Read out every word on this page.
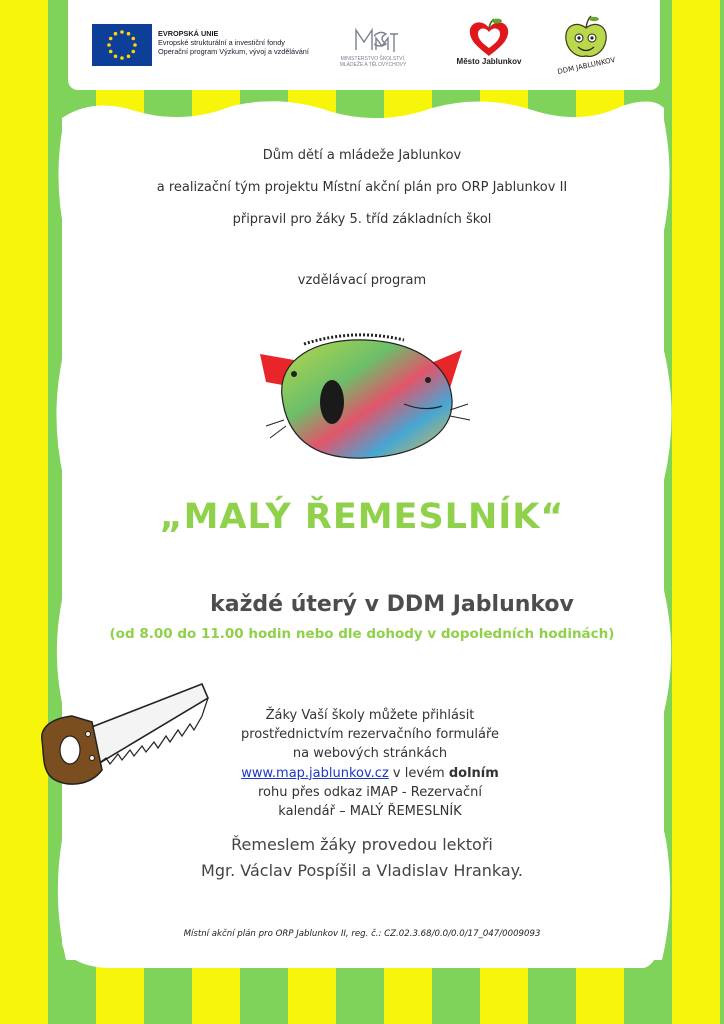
EVROPSKÁ UNIE
Evropské strukturální a investiční fondy
Operační program Výzkum, vývoj a vzdělávání
MINISTERSTVO ŠKOLSTVÍ, MLÁDEŽE A TĚLOVÝCHOVY	Město Jablunkov	DDM JABLUNKOV
Dům dětí a mládeže Jablunkov
a realizační tým projektu Místní akční plán pro ORP Jablunkov II
připravil pro žáky 5. tříd základních škol
vzdělávací program
„MALÝ ŘEMESLNÍK“
každé úterý v DDM Jablunkov
(od 8.00 do 11.00 hodin nebo dle dohody v dopoledních hodinách)
Žáky Vaší školy můžete přihlásit
prostřednictvím rezervačního formuláře
na webových stránkách
www.map.jablunkov.cz v levém dolním
rohu přes odkaz iMAP - Rezervační
kalendář – MALÝ ŘEMESLNÍK
Řemeslem žáky provedou lektoři
Mgr. Václav Pospíšil a Vladislav Hrankay.
Místní akční plán pro ORP Jablunkov II, reg. č.: CZ.02.3.68/0.0/0.0/17_047/0009093
